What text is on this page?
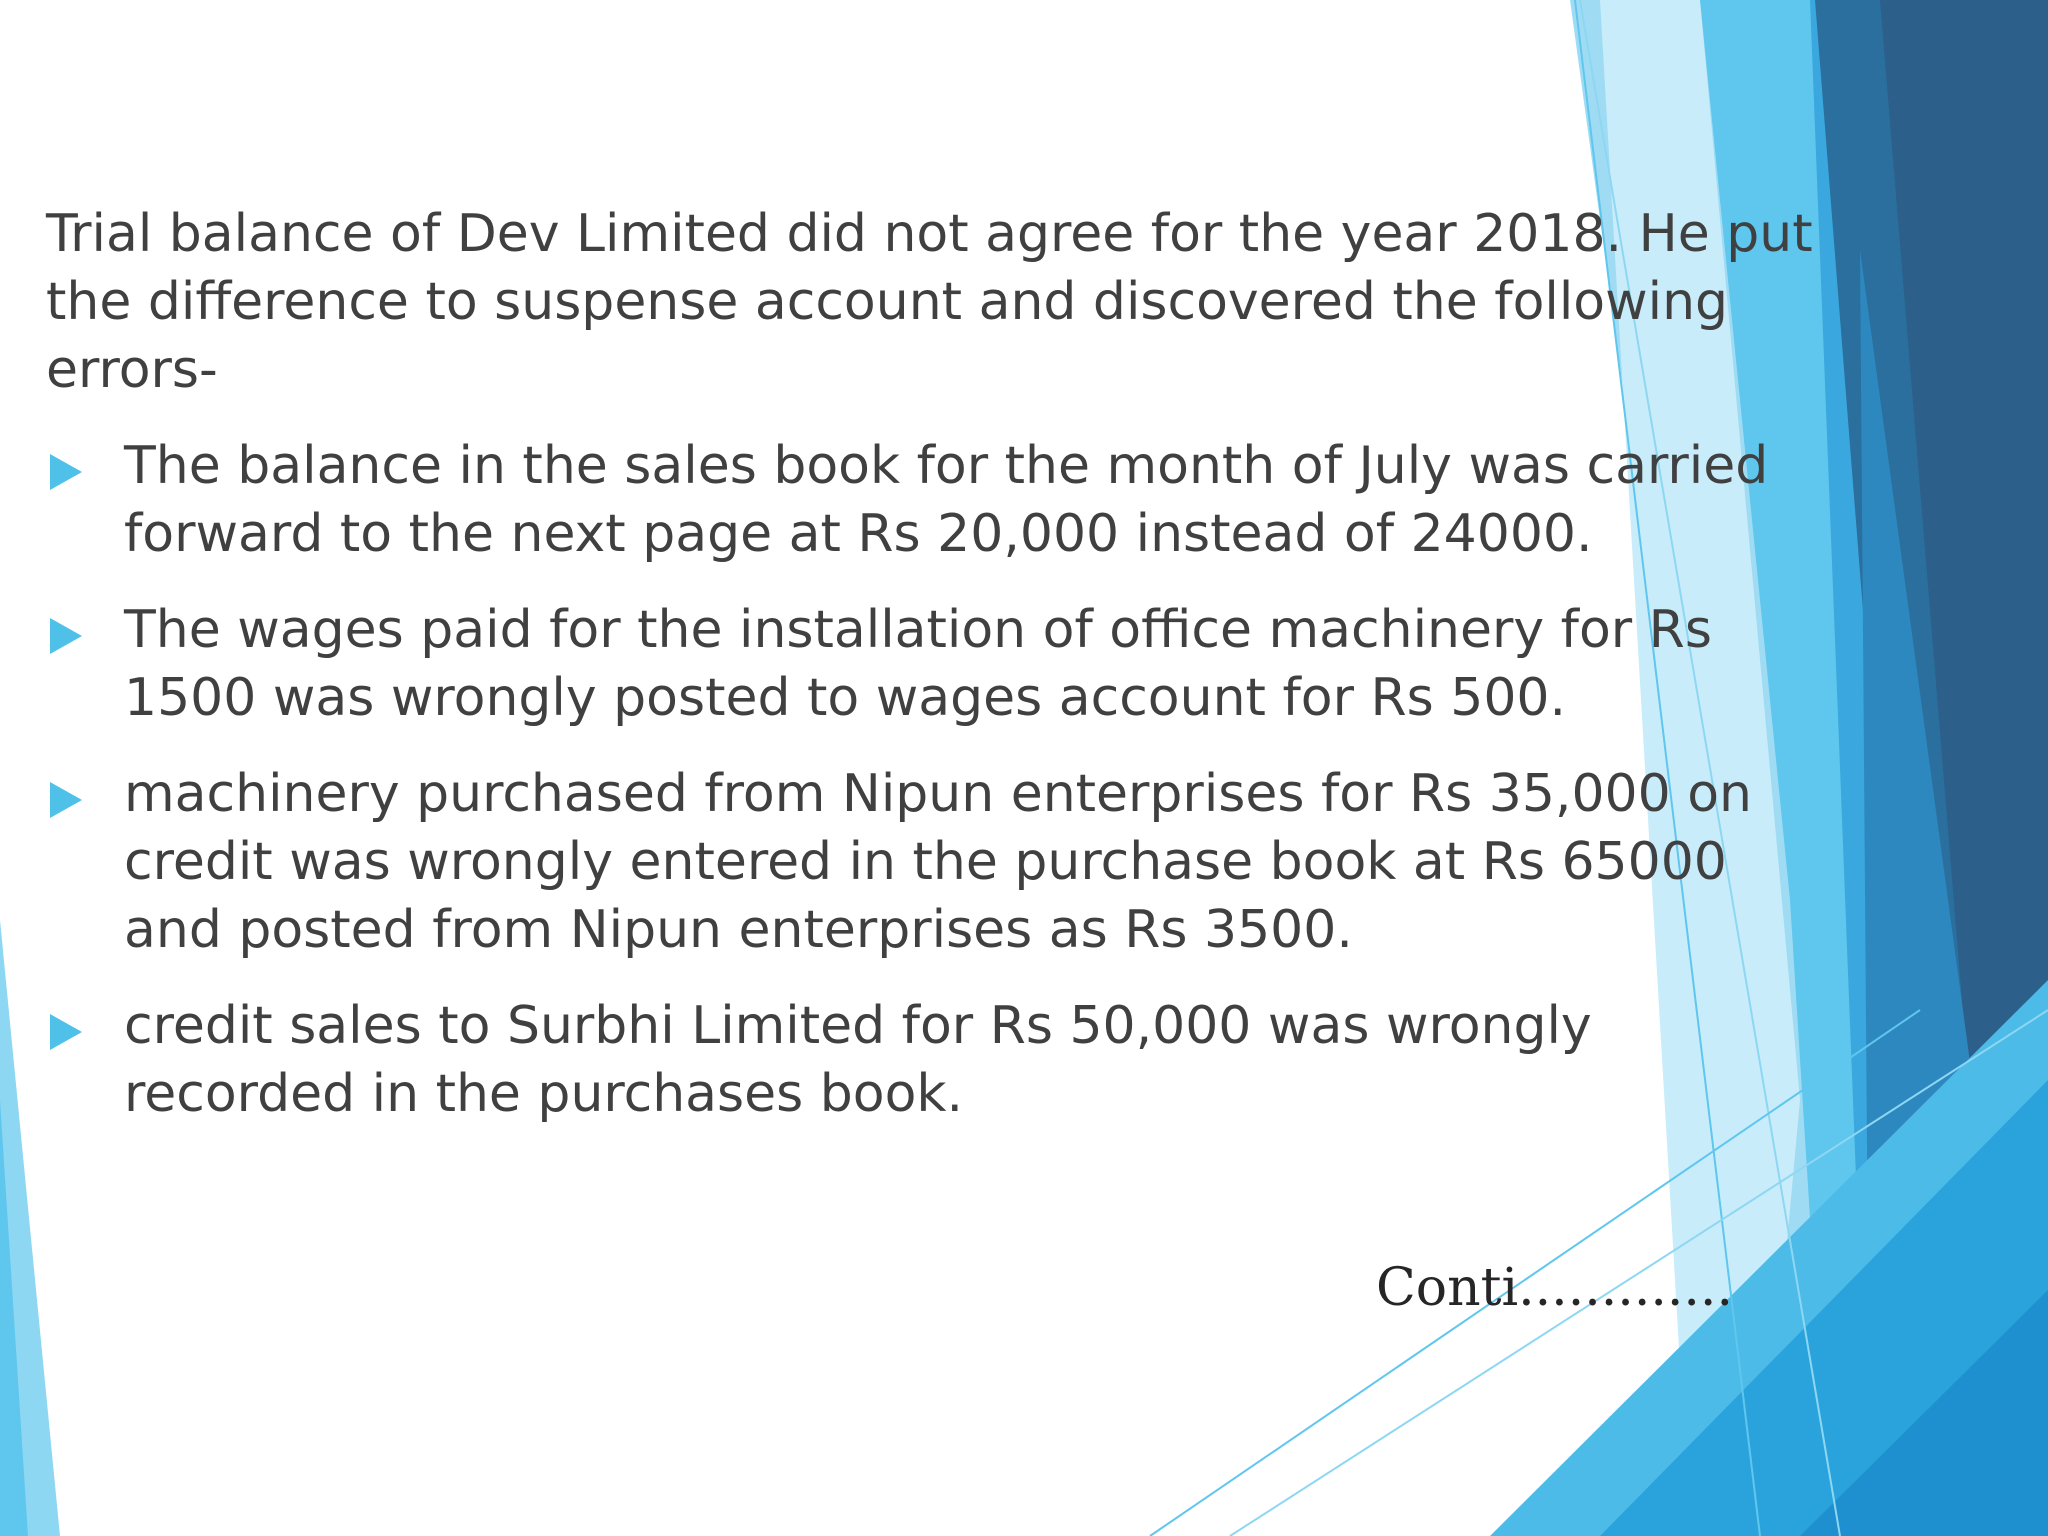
Trial balance of Dev Limited did not agree for the year 2018. He put the difference to suspense account and discovered the following errors-

The balance in the sales book for the month of July was carried forward to the next page at Rs 20,000 instead of 24000.
The wages paid for the installation of office machinery for Rs 1500 was wrongly posted to wages account for Rs 500.
machinery purchased from Nipun enterprises for Rs 35,000 on credit was wrongly entered in the purchase book at Rs 65000 and posted from Nipun enterprises as Rs 3500.
credit sales to Surbhi Limited for Rs 50,000 was wrongly recorded in the purchases book.
Conti.............
